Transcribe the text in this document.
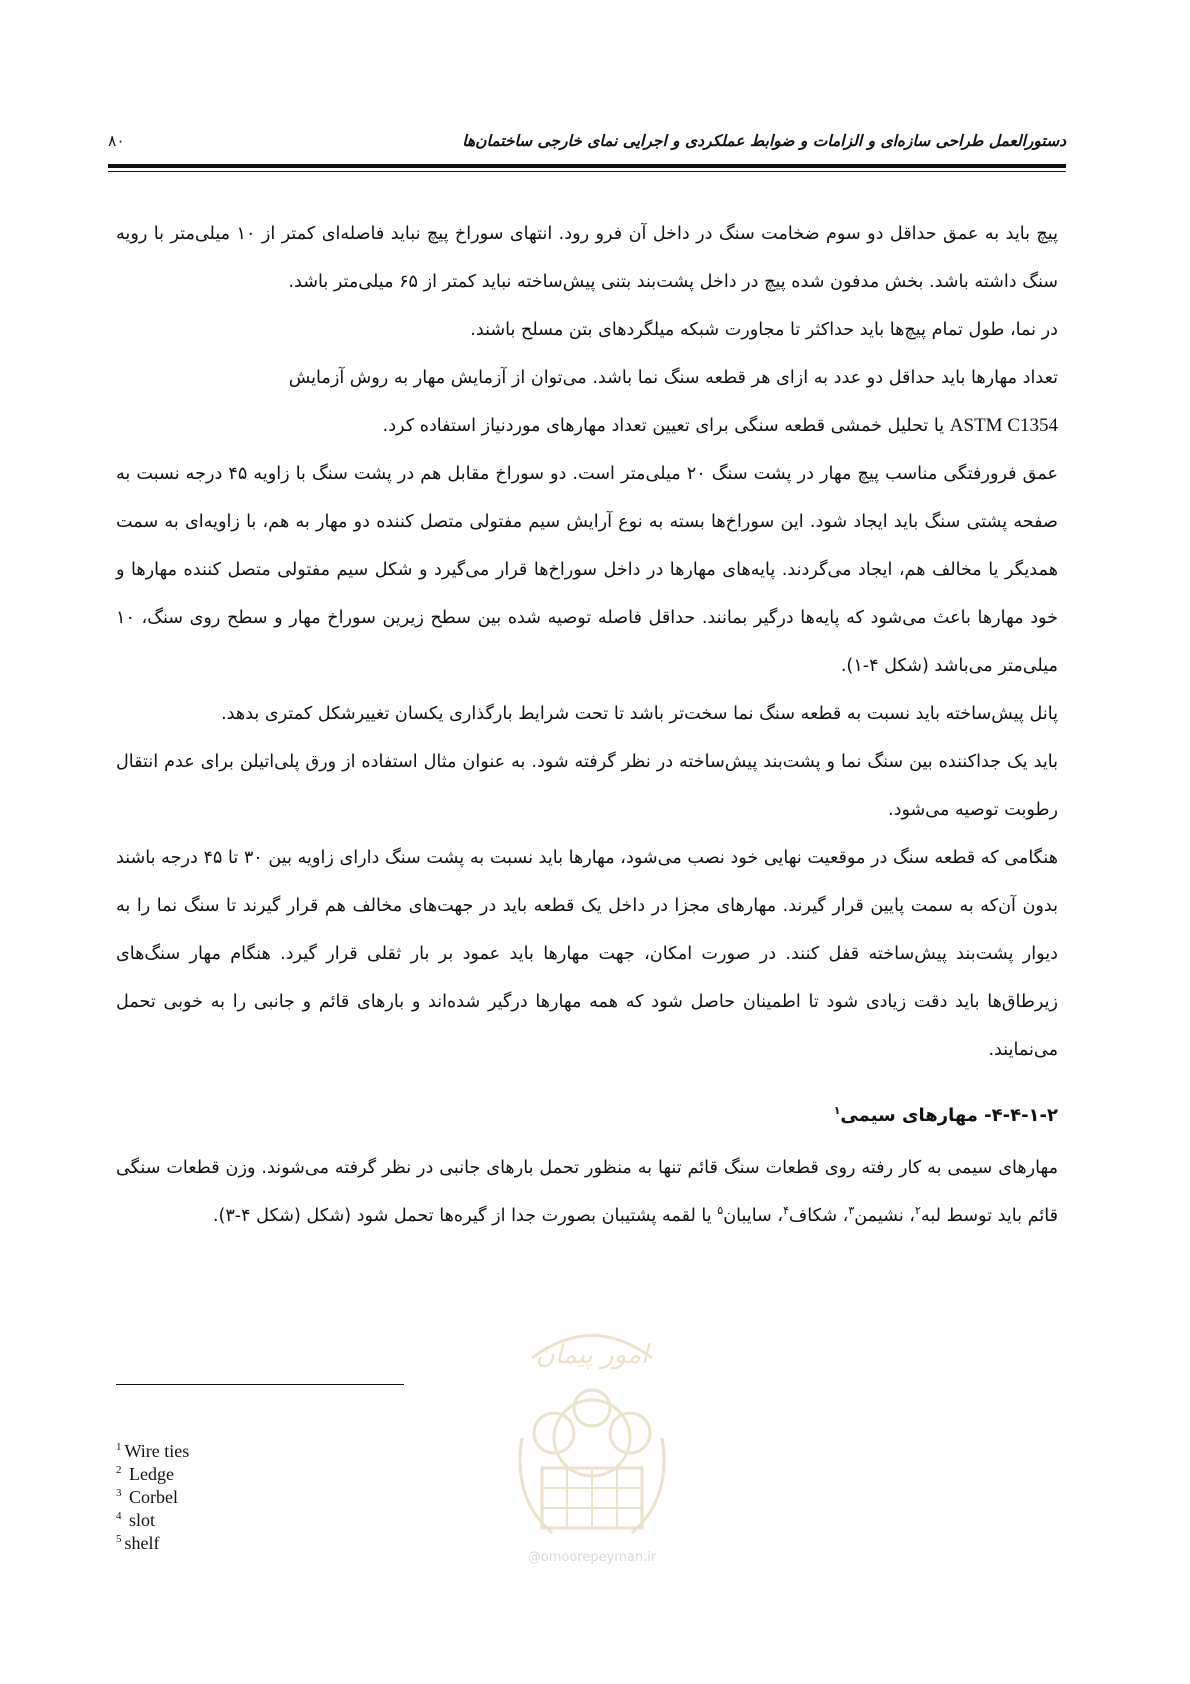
دستورالعمل طراحی سازه‌ای و الزامات و ضوابط عملکردی و اجرایی نمای خارجی ساختمان‌ها
۸۰

پیچ باید به عمق حداقل دو سوم ضخامت سنگ در داخل آن فرو رود. انتهای سوراخ پیچ نباید فاصله‌ای کمتر از ۱۰ میلی‌متر با رویه سنگ داشته باشد. بخش مدفون شده پیچ در داخل پشت‌بند بتنی پیش‌ساخته نباید کمتر از ۶۵ میلی‌متر باشد.

در نما، طول تمام پیچ‌ها باید حداکثر تا مجاورت شبکه میلگردهای بتن مسلح باشند.

تعداد مهارها باید حداقل دو عدد به ازای هر قطعه سنگ نما باشد. می‌توان از آزمایش مهار به روش آزمایش
ASTM C1354 یا تحلیل خمشی قطعه سنگی برای تعیین تعداد مهارهای موردنیاز استفاده کرد.

عمق فرورفتگی مناسب پیچ مهار در پشت سنگ ۲۰ میلی‌متر است. دو سوراخ مقابل هم در پشت سنگ با زاویه ۴۵ درجه نسبت به صفحه پشتی سنگ باید ایجاد شود. این سوراخ‌ها بسته به نوع آرایش سیم مفتولی متصل کننده دو مهار به هم، با زاویه‌ای به سمت همدیگر یا مخالف هم، ایجاد می‌گردند. پایه‌های مهارها در داخل سوراخ‌ها قرار می‌گیرد و شکل سیم مفتولی متصل کننده مهارها و خود مهارها باعث می‌شود که پایه‌ها درگیر بمانند. حداقل فاصله توصیه شده بین سطح زیرین سوراخ مهار و سطح روی سنگ، ۱۰ میلی‌متر می‌باشد (شکل ۴-۱).

پانل پیش‌ساخته باید نسبت به قطعه سنگ نما سخت‌تر باشد تا تحت شرایط بارگذاری یکسان تغییرشکل کمتری بدهد.

باید یک جداکننده بین سنگ نما و پشت‌بند پیش‌ساخته در نظر گرفته شود. به عنوان مثال استفاده از ورق پلی‌اتیلن برای عدم انتقال رطوبت توصیه می‌شود.

هنگامی که قطعه سنگ در موقعیت نهایی خود نصب می‌شود، مهارها باید نسبت به پشت سنگ دارای زاویه بین ۳۰ تا ۴۵ درجه باشند بدون آن‌که به سمت پایین قرار گیرند. مهارهای مجزا در داخل یک قطعه باید در جهت‌های مخالف هم قرار گیرند تا سنگ نما را به دیوار پشت‌بند پیش‌ساخته قفل کنند. در صورت امکان، جهت مهارها باید عمود بر بار ثقلی قرار گیرد. هنگام مهار سنگ‌های زیرطاق‌ها باید دقت زیادی شود تا اطمینان حاصل شود که همه مهارها درگیر شده‌اند و بارهای قائم و جانبی را به خوبی تحمل می‌نمایند.

۴-۴-۱-۲- مهارهای سیمی$^۱$

مهارهای سیمی به کار رفته روی قطعات سنگ قائم تنها به منظور تحمل بارهای جانبی در نظر گرفته می‌شوند. وزن قطعات سنگی قائم باید توسط لبه$^۲$، نشیمن$^۳$، شکاف$^۴$، سایبان$^۵$ یا لقمه پشتیبان بصورت جدا از گیره‌ها تحمل شود (شکل (شکل ۴-۳).

$^1$ Wire ties
$^2$ Ledge
$^3$ Corbel
$^4$ slot
$^5$ shelf
امور پیمان
@omoorepeyman.ir
